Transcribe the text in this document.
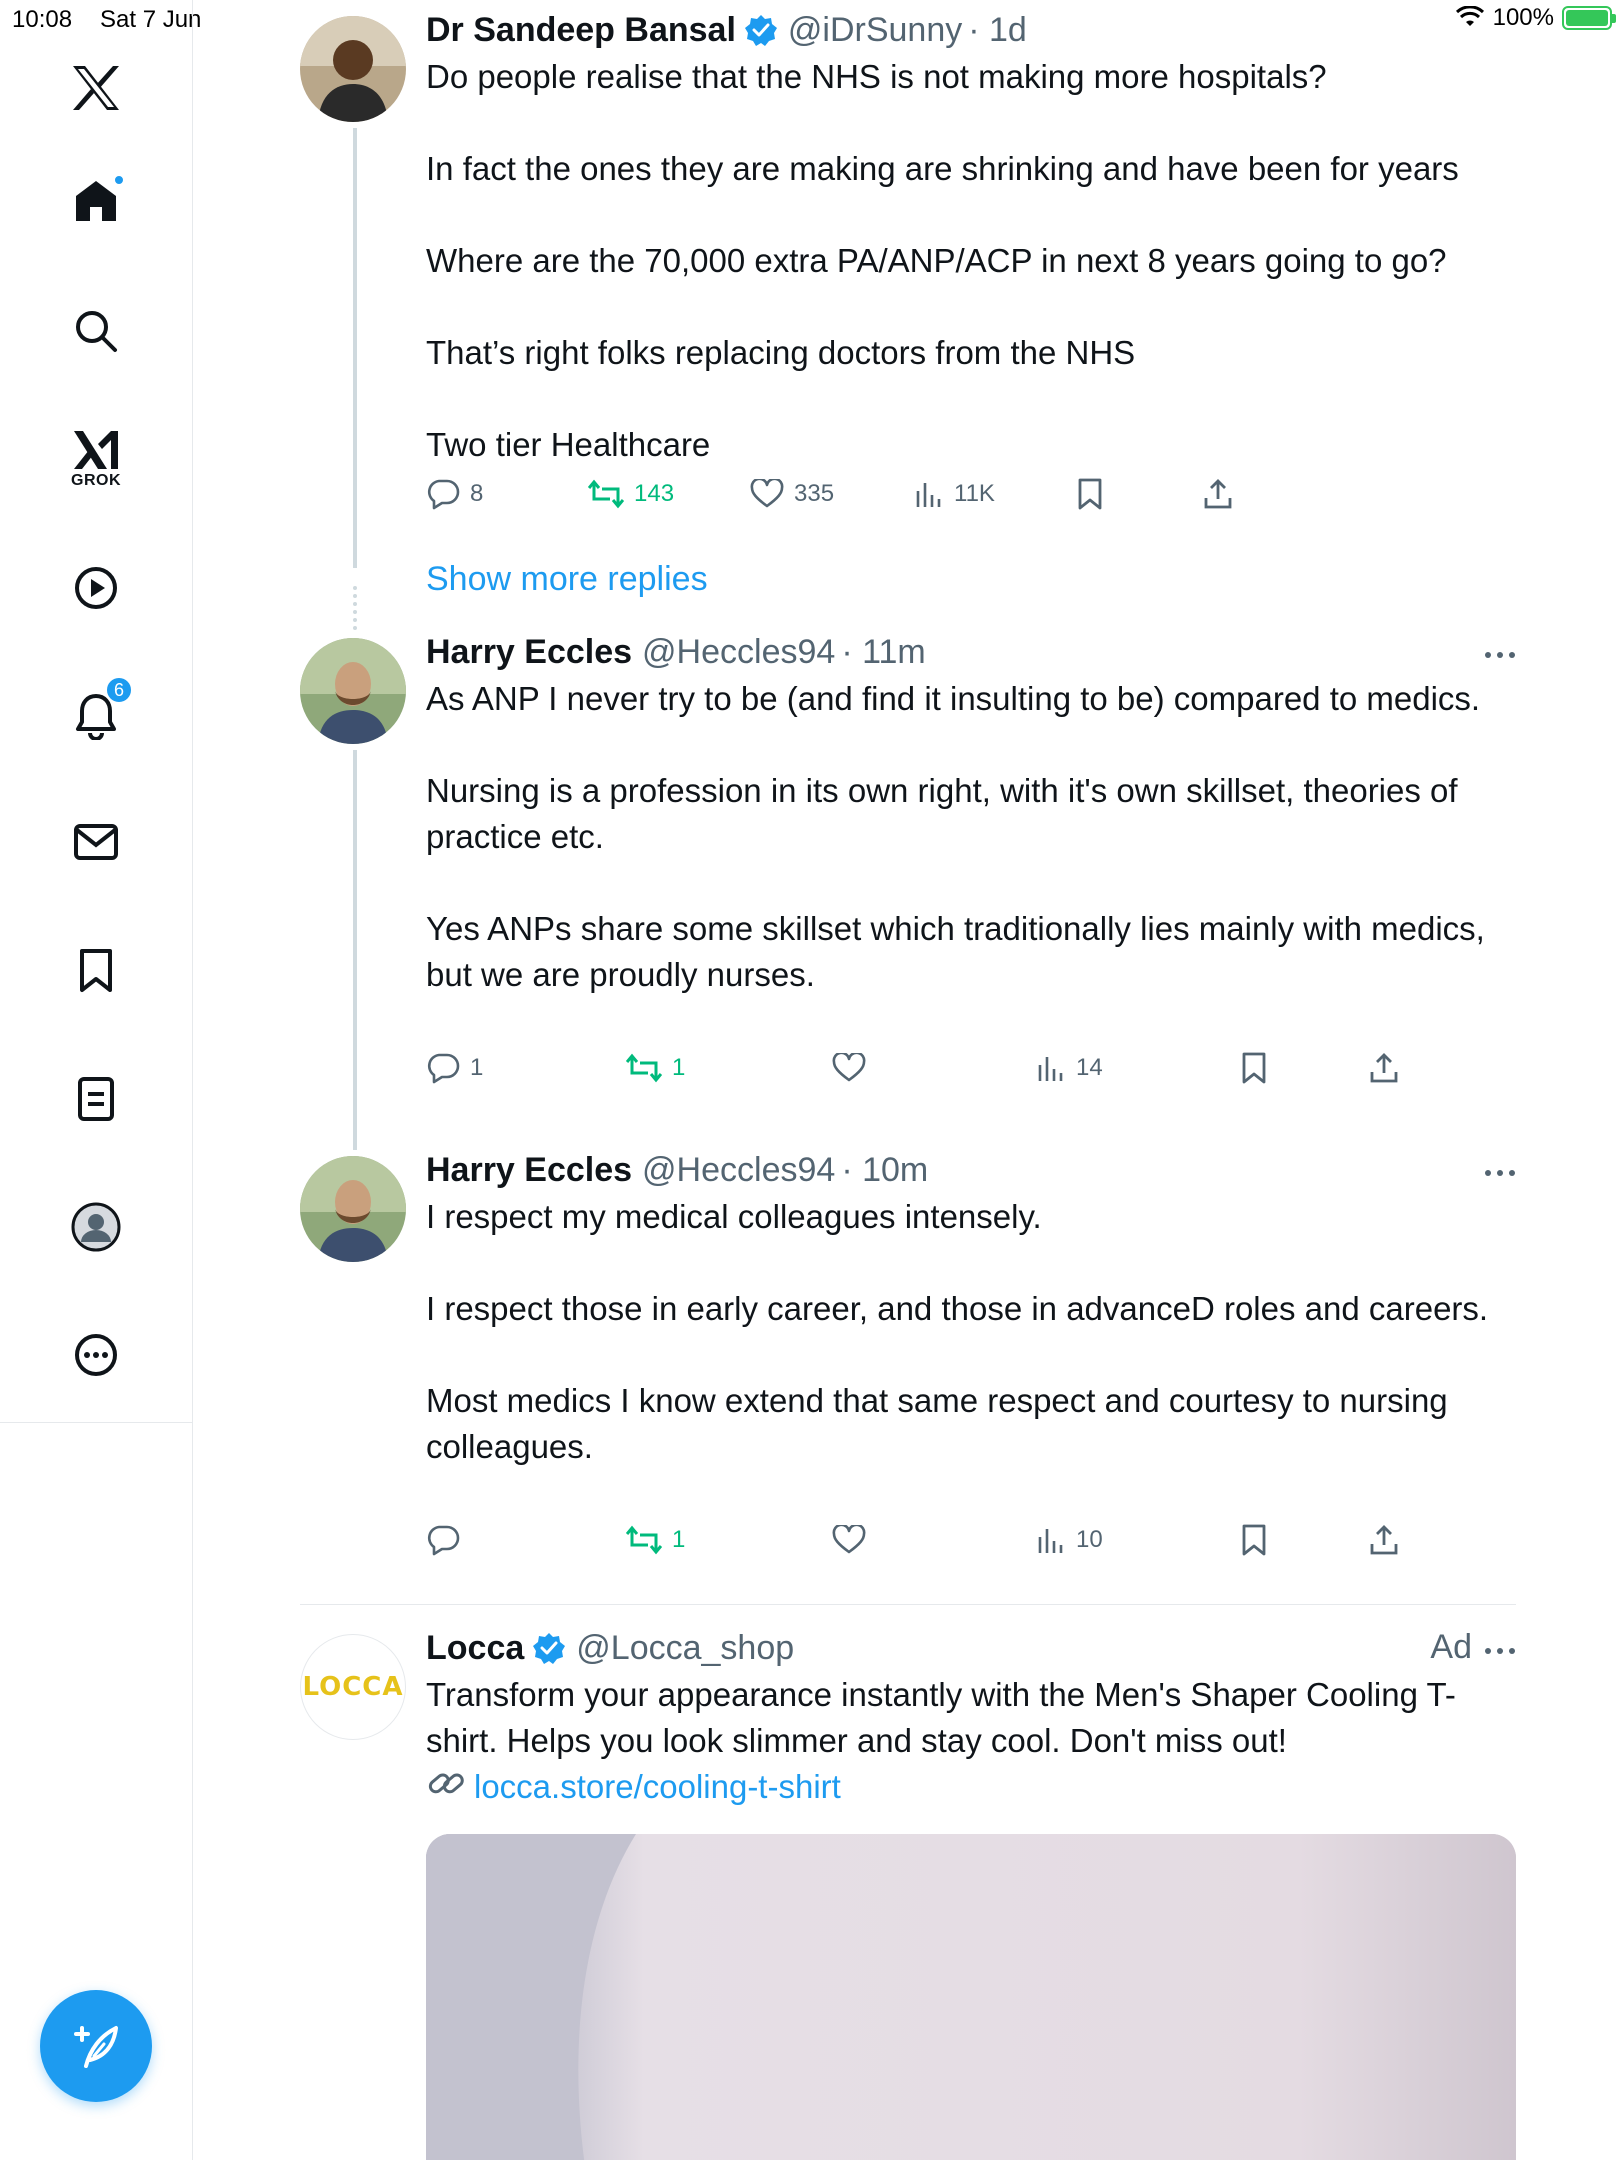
10:08 Sat 7 Jun	100%
GROK
6
Dr Sandeep Bansal @iDrSunny · 1d

Do people realise that the NHS is not making more hospitals?

In fact the ones they are making are shrinking and have been for years

Where are the 70,000 extra PA/ANP/ACP in next 8 years going to go?

That’s right folks replacing doctors from the NHS

Two tier Healthcare

8	143	335	11K
Show more replies
Harry Eccles @Heccles94 · 11m

As ANP I never try to be (and find it insulting to be) compared to medics.

Nursing is a profession in its own right, with it's own skillset, theories of practice etc.

Yes ANPs share some skillset which traditionally lies mainly with medics, but we are proudly nurses.

1	1	14
Harry Eccles @Heccles94 · 10m

I respect my medical colleagues intensely.

I respect those in early career, and those in advanceD roles and careers.

Most medics I know extend that same respect and courtesy to nursing colleagues.

1	10
LOCCA
Locca @Locca_shop	Ad

Transform your appearance instantly with the Men's Shaper Cooling T-shirt. Helps you look slimmer and stay cool. Don't miss out!

locca.store/cooling-t-shirt
